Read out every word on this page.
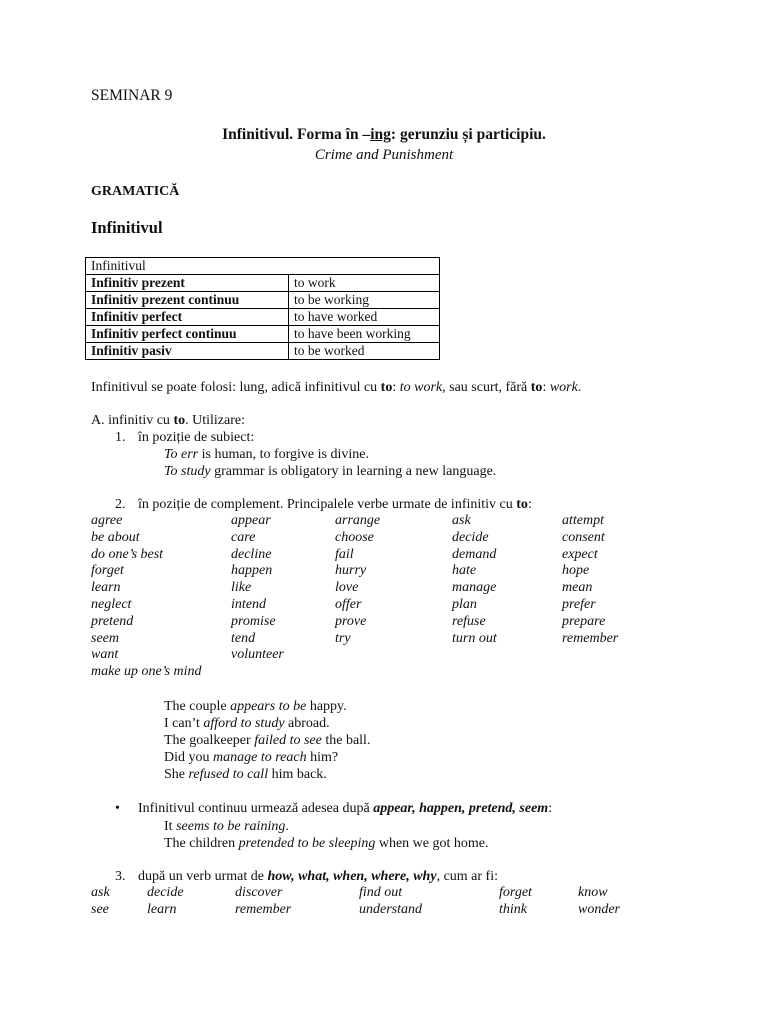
SEMINAR 9
Infinitivul. Forma în –ing: gerunziu și participiu.
Crime and Punishment
GRAMATICĂ
Infinitivul
Infinitivul	
Infinitiv prezent	to work
Infinitiv prezent continuu	to be working
Infinitiv perfect	to have worked
Infinitiv perfect continuu	to have been working
Infinitiv pasiv	to be worked
Infinitivul se poate folosi: lung, adică infinitivul cu to: to work, sau scurt, fără to: work.
A. infinitiv cu to. Utilizare:
1. în poziție de subiect:
To err is human, to forgive is divine.
To study grammar is obligatory in learning a new language.
2. în poziție de complement. Principalele verbe urmate de infinitiv cu to:
agree	appear	arrange	ask	attempt
be about	care	choose	decide	consent
do one’s best	decline	fail	demand	expect
forget	happen	hurry	hate	hope
learn	like	love	manage	mean
neglect	intend	offer	plan	prefer
pretend	promise	prove	refuse	prepare
seem	tend	try	turn out	remember
want	volunteer
make up one’s mind
The couple appears to be happy.
I can’t afford to study abroad.
The goalkeeper failed to see the ball.
Did you manage to reach him?
She refused to call him back.
• Infinitivul continuu urmează adesea după appear, happen, pretend, seem:
It seems to be raining.
The children pretended to be sleeping when we got home.
3. după un verb urmat de how, what, when, where, why, cum ar fi:
ask	decide	discover	find out	forget	know
see	learn	remember	understand	think	wonder
